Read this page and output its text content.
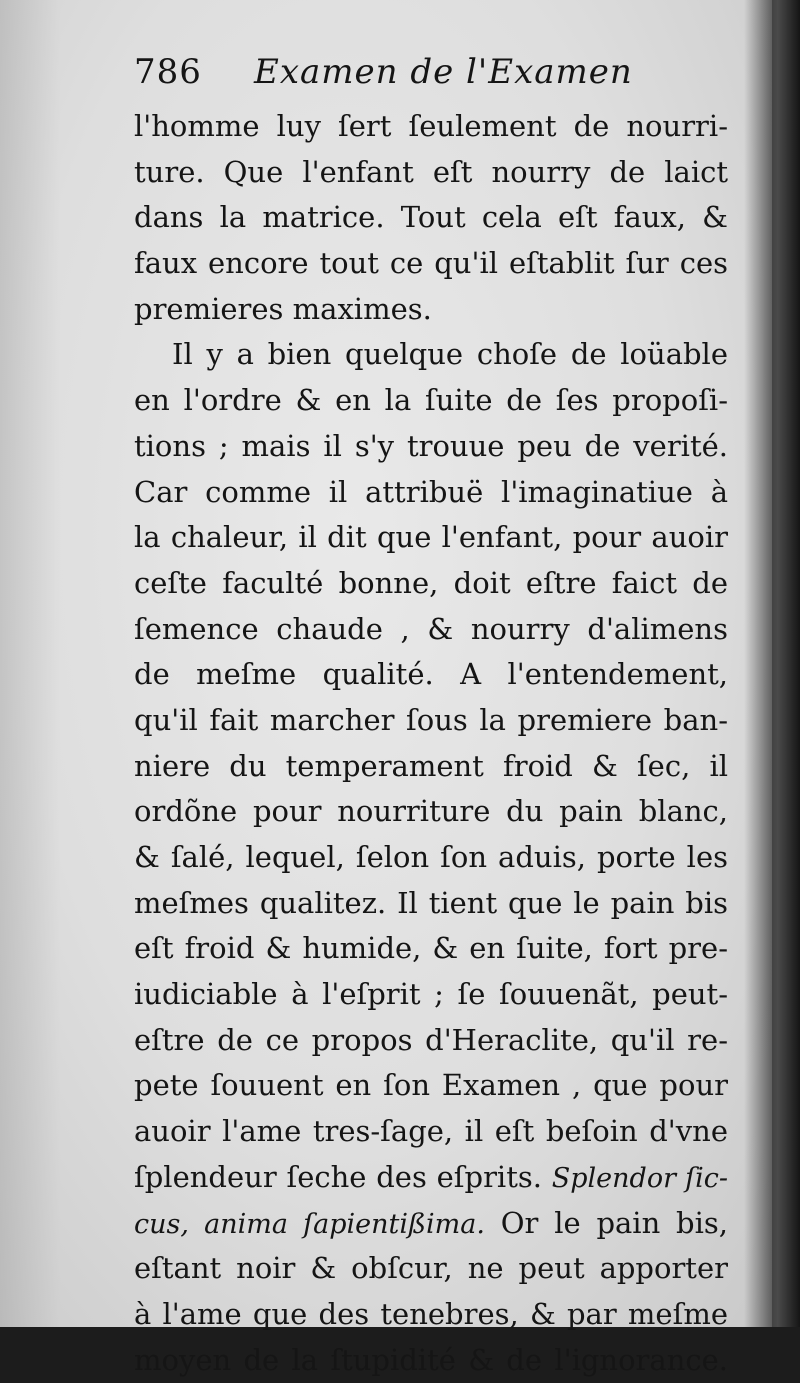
786	Examen de l'Examen
l'homme luy ſert ſeulement de nourri-
ture. Que l'enfant eſt nourry de laict
dans la matrice. Tout cela eſt faux, &
faux encore tout ce qu'il eſtablit ſur ces
premieres maximes.
Il y a bien quelque choſe de loüable
en l'ordre & en la ſuite de ſes propoſi-
tions ; mais il s'y trouue peu de verité.
Car comme il attribuë l'imaginatiue à
la chaleur, il dit que l'enfant, pour auoir
ceſte faculté bonne, doit eſtre faict de
ſemence chaude , & nourry d'alimens
de meſme qualité. A l'entendement,
qu'il fait marcher ſous la premiere ban-
niere du temperament froid & ſec, il
ordõne pour nourriture du pain blanc,
& ſalé, lequel, ſelon ſon aduis, porte les
meſmes qualitez. Il tient que le pain bis
eſt froid & humide, & en ſuite, fort pre-
iudiciable à l'eſprit ; ſe ſouuenãt, peut-
eſtre de ce propos d'Heraclite, qu'il re-
pete ſouuent en ſon Examen , que pour
auoir l'ame tres-ſage, il eſt beſoin d'vne
ſplendeur ſeche des eſprits. Splendor ſic-
cus, anima ſapientißima. Or le pain bis,
eſtant noir & obſcur, ne peut apporter
à l'ame que des tenebres, & par meſme
moyen de la ſtupidité & de l'ignorance.
